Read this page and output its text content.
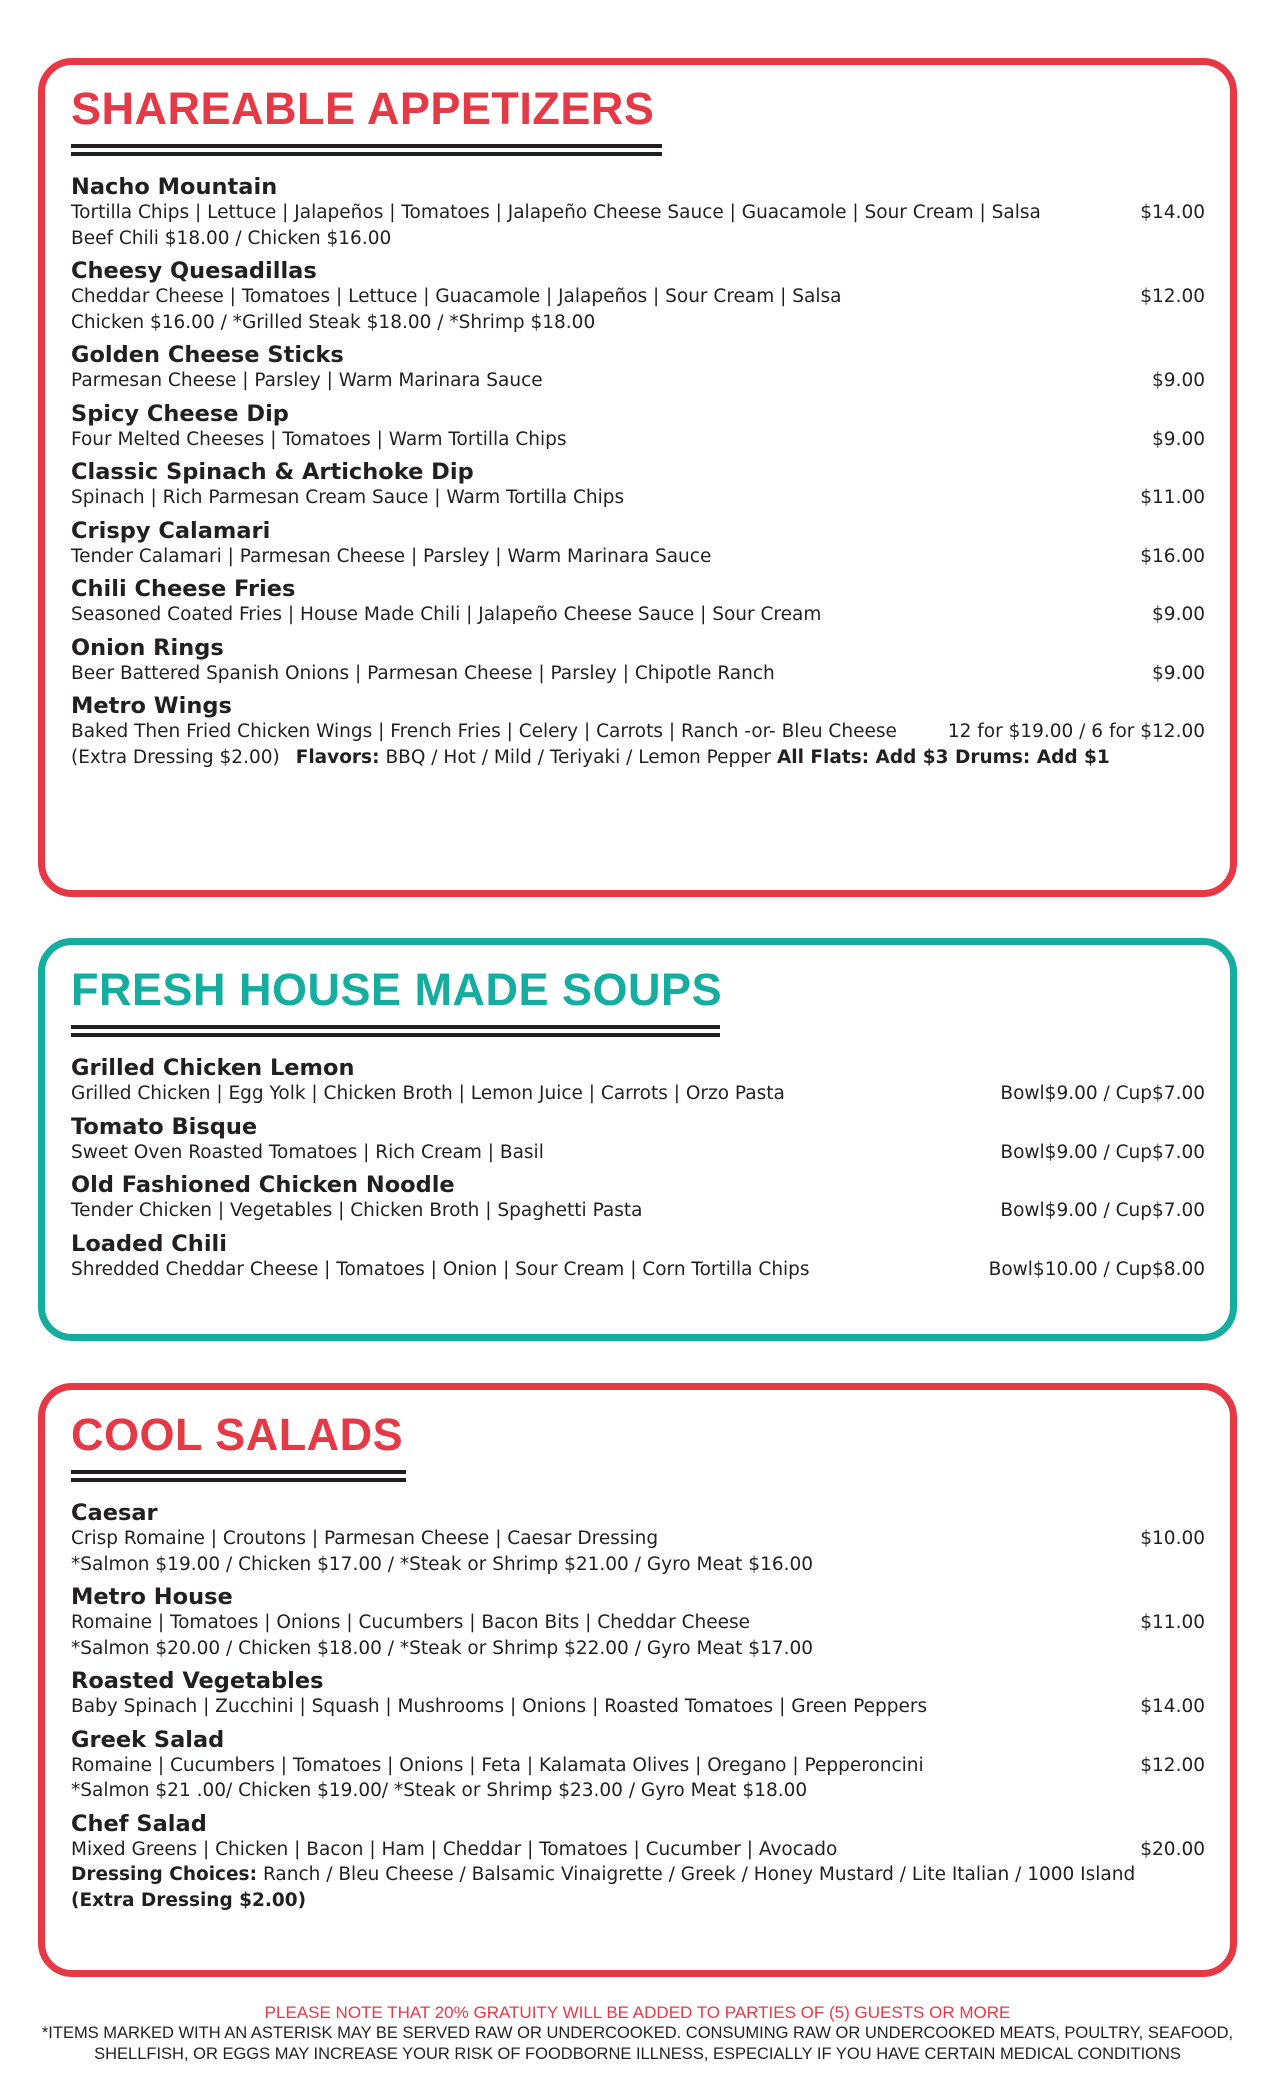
SHAREABLE APPETIZERS
Nacho Mountain
Tortilla Chips | Lettuce | Jalapeños | Tomatoes | Jalapeño Cheese Sauce | Guacamole | Sour Cream | Salsa	$14.00
Beef Chili $18.00 / Chicken $16.00
Cheesy Quesadillas
Cheddar Cheese | Tomatoes | Lettuce | Guacamole | Jalapeños | Sour Cream | Salsa	$12.00
Chicken $16.00 / *Grilled Steak $18.00 / *Shrimp $18.00
Golden Cheese Sticks
Parmesan Cheese | Parsley | Warm Marinara Sauce	$9.00
Spicy Cheese Dip
Four Melted Cheeses | Tomatoes | Warm Tortilla Chips	$9.00
Classic Spinach & Artichoke Dip
Spinach | Rich Parmesan Cream Sauce | Warm Tortilla Chips	$11.00
Crispy Calamari
Tender Calamari | Parmesan Cheese | Parsley | Warm Marinara Sauce	$16.00
Chili Cheese Fries
Seasoned Coated Fries | House Made Chili | Jalapeño Cheese Sauce | Sour Cream	$9.00
Onion Rings
Beer Battered Spanish Onions | Parmesan Cheese | Parsley | Chipotle Ranch	$9.00
Metro Wings
Baked Then Fried Chicken Wings | French Fries | Celery | Carrots | Ranch -or- Bleu Cheese	12 for $19.00 / 6 for $12.00
(Extra Dressing $2.00) Flavors: BBQ / Hot / Mild / Teriyaki / Lemon Pepper All Flats: Add $3 Drums: Add $1
FRESH HOUSE MADE SOUPS
Grilled Chicken Lemon
Grilled Chicken | Egg Yolk | Chicken Broth | Lemon Juice | Carrots | Orzo Pasta	Bowl$9.00 / Cup$7.00
Tomato Bisque
Sweet Oven Roasted Tomatoes | Rich Cream | Basil	Bowl$9.00 / Cup$7.00
Old Fashioned Chicken Noodle
Tender Chicken | Vegetables | Chicken Broth | Spaghetti Pasta	Bowl$9.00 / Cup$7.00
Loaded Chili
Shredded Cheddar Cheese | Tomatoes | Onion | Sour Cream | Corn Tortilla Chips	Bowl$10.00 / Cup$8.00
COOL SALADS
Caesar
Crisp Romaine | Croutons | Parmesan Cheese | Caesar Dressing	$10.00
*Salmon $19.00 / Chicken $17.00 / *Steak or Shrimp $21.00 / Gyro Meat $16.00
Metro House
Romaine | Tomatoes | Onions | Cucumbers | Bacon Bits | Cheddar Cheese	$11.00
*Salmon $20.00 / Chicken $18.00 / *Steak or Shrimp $22.00 / Gyro Meat $17.00
Roasted Vegetables
Baby Spinach | Zucchini | Squash | Mushrooms | Onions | Roasted Tomatoes | Green Peppers	$14.00
Greek Salad
Romaine | Cucumbers | Tomatoes | Onions | Feta | Kalamata Olives | Oregano | Pepperoncini	$12.00
*Salmon $21 .00/ Chicken $19.00/ *Steak or Shrimp $23.00 / Gyro Meat $18.00
Chef Salad
Mixed Greens | Chicken | Bacon | Ham | Cheddar | Tomatoes | Cucumber | Avocado	$20.00
Dressing Choices: Ranch / Bleu Cheese / Balsamic Vinaigrette / Greek / Honey Mustard / Lite Italian / 1000 Island
(Extra Dressing $2.00)
PLEASE NOTE THAT 20% GRATUITY WILL BE ADDED TO PARTIES OF (5) GUESTS OR MORE
*ITEMS MARKED WITH AN ASTERISK MAY BE SERVED RAW OR UNDERCOOKED. CONSUMING RAW OR UNDERCOOKED MEATS, POULTRY, SEAFOOD,
SHELLFISH, OR EGGS MAY INCREASE YOUR RISK OF FOODBORNE ILLNESS, ESPECIALLY IF YOU HAVE CERTAIN MEDICAL CONDITIONS
